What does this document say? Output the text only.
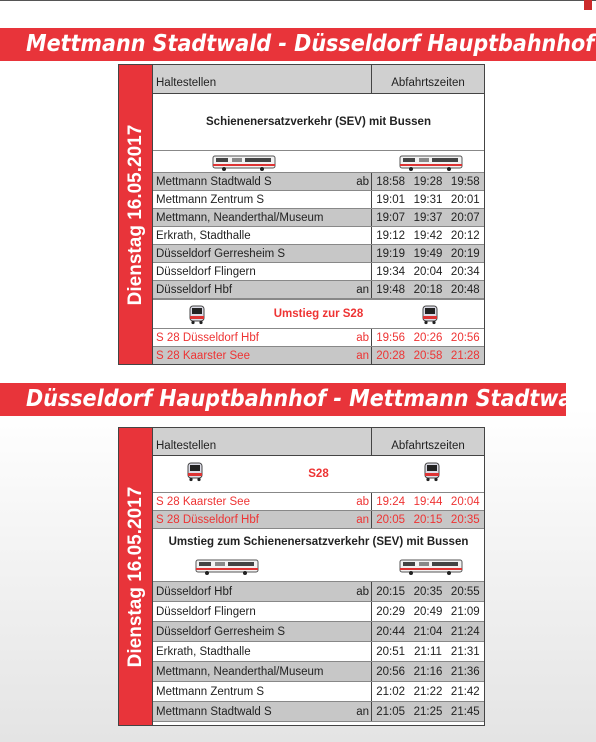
Mettmann Stadtwald - Düsseldorf Hauptbahnhof
Dienstag 16.05.2017
Haltestellen	Abfahrtszeiten
Schienenersatzverkehr (SEV) mit Bussen
Mettmann Stadtwald S	ab 18:58 19:28 19:58
Mettmann Zentrum S	19:01 19:31 20:01
Mettmann, Neanderthal/Museum	19:07 19:37 20:07
Erkrath, Stadthalle	19:12 19:42 20:12
Düsseldorf Gerresheim S	19:19 19:49 20:19
Düsseldorf Flingern	19:34 20:04 20:34
Düsseldorf Hbf	an 19:48 20:18 20:48
Umstieg zur S28
S 28 Düsseldorf Hbf	ab 19:56 20:26 20:56
S 28 Kaarster See	an 20:28 20:58 21:28
Düsseldorf Hauptbahnhof - Mettmann Stadtwald
Dienstag 16.05.2017
Haltestellen	Abfahrtszeiten
S28
S 28 Kaarster See	ab 19:24 19:44 20:04
S 28 Düsseldorf Hbf	an 20:05 20:15 20:35
Umstieg zum Schienenersatzverkehr (SEV) mit Bussen
Düsseldorf Hbf	ab 20:15 20:35 20:55
Düsseldorf Flingern	20:29 20:49 21:09
Düsseldorf Gerresheim S	20:44 21:04 21:24
Erkrath, Stadthalle	20:51 21:11 21:31
Mettmann, Neanderthal/Museum	20:56 21:16 21:36
Mettmann Zentrum S	21:02 21:22 21:42
Mettmann Stadtwald S	an 21:05 21:25 21:45
